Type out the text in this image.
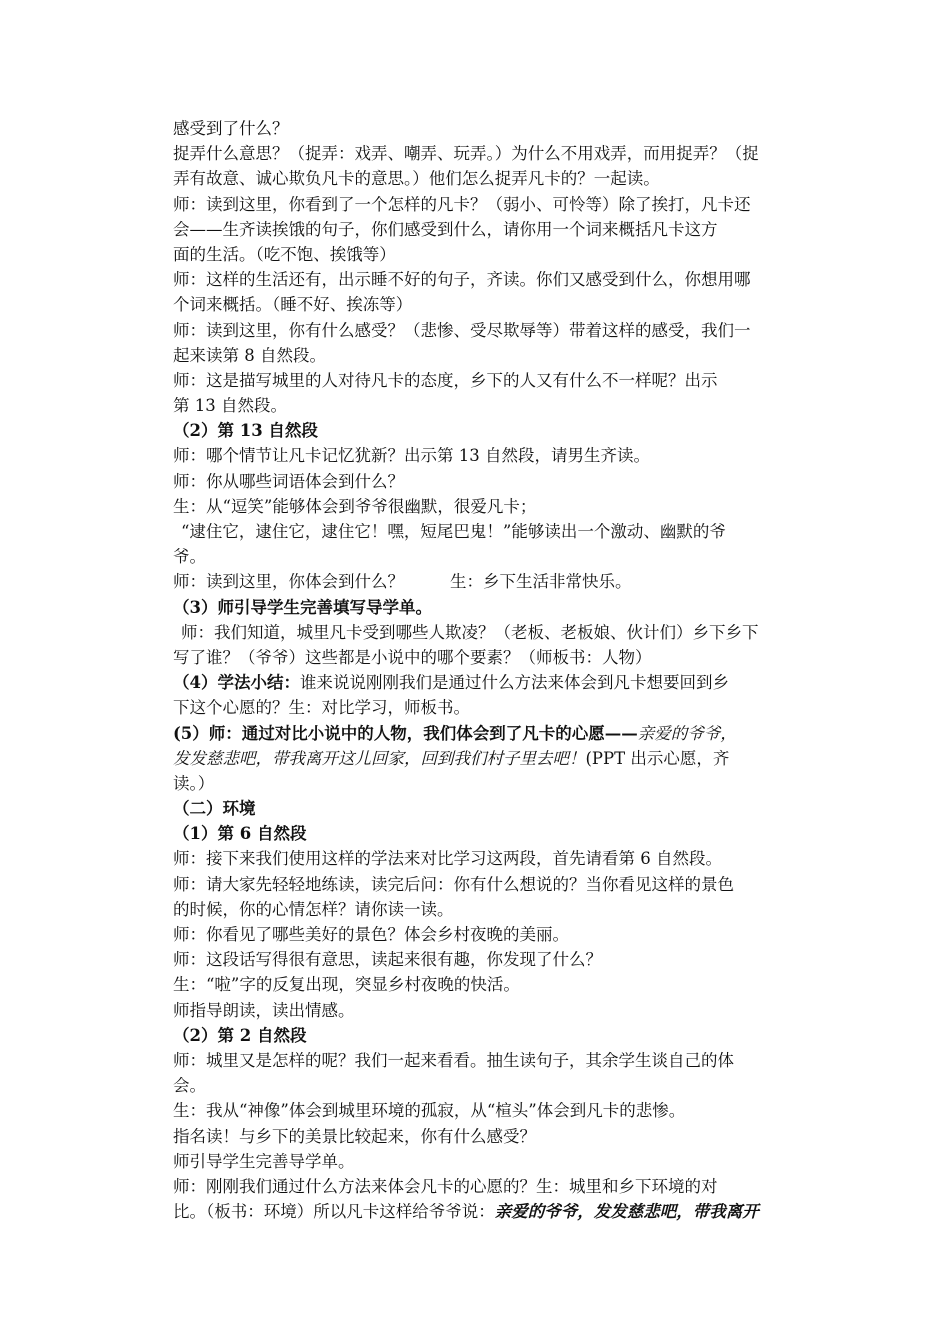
感受到了什么？
捉弄什么意思？（捉弄：戏弄、嘲弄、玩弄。）为什么不用戏弄，而用捉弄？（捉
弄有故意、诚心欺负凡卡的意思。）他们怎么捉弄凡卡的？一起读。
师：读到这里，你看到了一个怎样的凡卡？（弱小、可怜等）除了挨打，凡卡还
会——生齐读挨饿的句子，你们感受到什么，请你用一个词来概括凡卡这方
面的生活。（吃不饱、挨饿等）
师：这样的生活还有，出示睡不好的句子，齐读。你们又感受到什么，你想用哪
个词来概括。（睡不好、挨冻等）
师：读到这里，你有什么感受？（悲惨、受尽欺辱等）带着这样的感受，我们一
起来读第 8 自然段。
师：这是描写城里的人对待凡卡的态度，乡下的人又有什么不一样呢？出示
第 13 自然段。
（2）第 13 自然段
师：哪个情节让凡卡记忆犹新？出示第 13 自然段，请男生齐读。
师：你从哪些词语体会到什么？
生：从“逗笑”能够体会到爷爷很幽默，很爱凡卡；
“逮住它，逮住它，逮住它！嘿，短尾巴鬼！”能够读出一个激动、幽默的爷
爷。
师：读到这里，你体会到什么？	生：乡下生活非常快乐。
（3）师引导学生完善填写导学单。
师：我们知道，城里凡卡受到哪些人欺凌？（老板、老板娘、伙计们）乡下乡下
写了谁？（爷爷）这些都是小说中的哪个要素？（师板书：人物）
（4）学法小结：谁来说说刚刚我们是通过什么方法来体会到凡卡想要回到乡
下这个心愿的？生：对比学习，师板书。
(5）师：通过对比小说中的人物，我们体会到了凡卡的心愿——亲爱的爷爷，
发发慈悲吧，带我离开这儿回家，回到我们村子里去吧！(PPT 出示心愿，齐
读。）
（二）环境
（1）第 6 自然段
师：接下来我们使用这样的学法来对比学习这两段，首先请看第 6 自然段。
师：请大家先轻轻地练读，读完后问：你有什么想说的？当你看见这样的景色
的时候，你的心情怎样？请你读一读。
师：你看见了哪些美好的景色？体会乡村夜晚的美丽。
师：这段话写得很有意思，读起来很有趣，你发现了什么？
生：“啦”字的反复出现，突显乡村夜晚的快活。
师指导朗读，读出情感。
（2）第 2 自然段
师：城里又是怎样的呢？我们一起来看看。抽生读句子，其余学生谈自己的体
会。
生：我从“神像”体会到城里环境的孤寂，从“楦头”体会到凡卡的悲惨。
指名读！与乡下的美景比较起来，你有什么感受？
师引导学生完善导学单。
师：刚刚我们通过什么方法来体会凡卡的心愿的？生：城里和乡下环境的对
比。（板书：环境）所以凡卡这样给爷爷说：亲爱的爷爷，发发慈悲吧，带我离开
